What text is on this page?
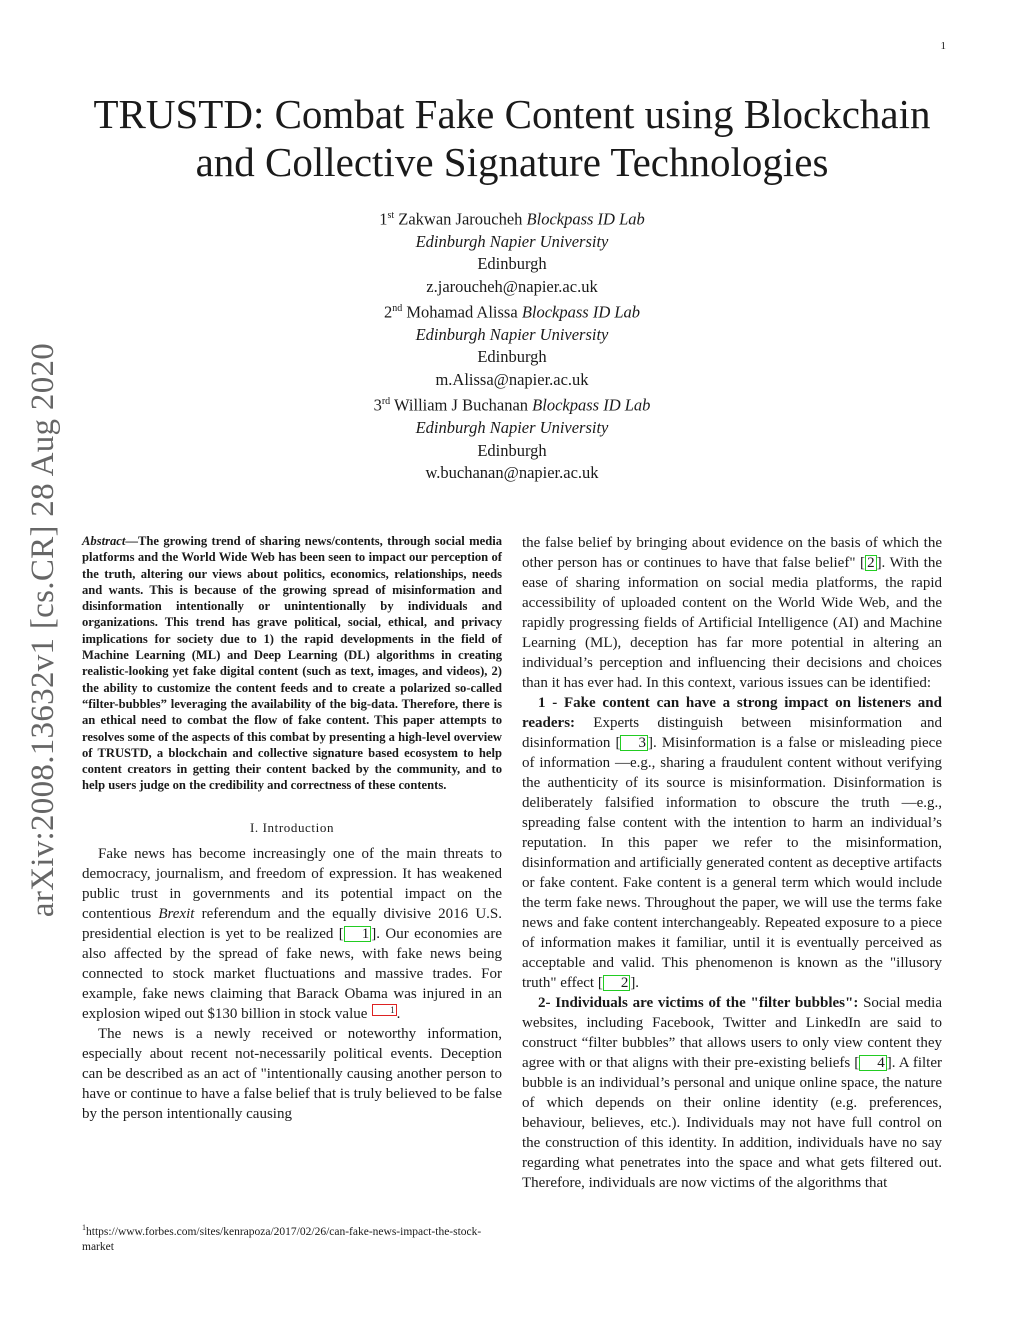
1
arXiv:2008.13632v1 [cs.CR] 28 Aug 2020
TRUSTD: Combat Fake Content using Blockchain
and Collective Signature Technologies
1st Zakwan Jaroucheh Blockpass ID Lab
Edinburgh Napier University
Edinburgh
z.jaroucheh@napier.ac.uk
2nd Mohamad Alissa Blockpass ID Lab
Edinburgh Napier University
Edinburgh
m.Alissa@napier.ac.uk
3rd William J Buchanan Blockpass ID Lab
Edinburgh Napier University
Edinburgh
w.buchanan@napier.ac.uk

Abstract—The growing trend of sharing news/contents, through social media platforms and the World Wide Web has been seen to impact our perception of the truth, altering our views about politics, economics, relationships, needs and wants. This is because of the growing spread of misinformation and disinformation intentionally or unintentionally by individuals and organizations. This trend has grave political, social, ethical, and privacy implications for society due to 1) the rapid developments in the field of Machine Learning (ML) and Deep Learning (DL) algorithms in creating realistic-looking yet fake digital content (such as text, images, and videos), 2) the ability to customize the content feeds and to create a polarized so-called “filter-bubbles” leveraging the availability of the big-data. Therefore, there is an ethical need to combat the flow of fake content. This paper attempts to resolves some of the aspects of this combat by presenting a high-level overview of TRUSTD, a blockchain and collective signature based ecosystem to help content creators in getting their content backed by the community, and to help users judge on the credibility and correctness of these contents.

I. Introduction

Fake news has become increasingly one of the main threats to democracy, journalism, and freedom of expression. It has weakened public trust in governments and its potential impact on the contentious Brexit referendum and the equally divisive 2016 U.S. presidential election is yet to be realized [ 1 ]. Our economies are also affected by the spread of fake news, with fake news being connected to stock market fluctuations and massive trades. For example, fake news claiming that Barack Obama was injured in an explosion wiped out $130 billion in stock value 1 .

The news is a newly received or noteworthy information, especially about recent not-necessarily political events. Deception can be described as an act of "intentionally causing another person to have or continue to have a false belief that is truly believed to be false by the person intentionally causing

the false belief by bringing about evidence on the basis of which the other person has or continues to have that false belief" [ 2 ]. With the ease of sharing information on social media platforms, the rapid accessibility of uploaded content on the World Wide Web, and the rapidly progressing fields of Artificial Intelligence (AI) and Machine Learning (ML), deception has far more potential in altering an individual’s perception and influencing their decisions and choices than it has ever had. In this context, various issues can be identified:

1 - Fake content can have a strong impact on listeners and readers: Experts distinguish between misinformation and disinformation [ 3 ]. Misinformation is a false or misleading piece of information —e.g., sharing a fraudulent content without verifying the authenticity of its source is misinformation. Disinformation is deliberately falsified information to obscure the truth —e.g., spreading false content with the intention to harm an individual’s reputation. In this paper we refer to the misinformation, disinformation and artificially generated content as deceptive artifacts or fake content. Fake content is a general term which would include the term fake news. Throughout the paper, we will use the terms fake news and fake content interchangeably. Repeated exposure to a piece of information makes it familiar, until it is eventually perceived as acceptable and valid. This phenomenon is known as the "illusory truth" effect [ 2 ].

2- Individuals are victims of the "filter bubbles": Social media websites, including Facebook, Twitter and LinkedIn are said to construct “filter bubbles” that allows users to only view content they agree with or that aligns with their pre-existing beliefs [ 4 ]. A filter bubble is an individual’s personal and unique online space, the nature of which depends on their online identity (e.g. preferences, behaviour, believes, etc.). Individuals may not have full control on the construction of this identity. In addition, individuals have no say regarding what penetrates into the space and what gets filtered out. Therefore, individuals are now victims of the algorithms that

$^1$https://www.forbes.com/sites/kenrapoza/2017/02/26/can-fake-news-impact-the-stock-market
